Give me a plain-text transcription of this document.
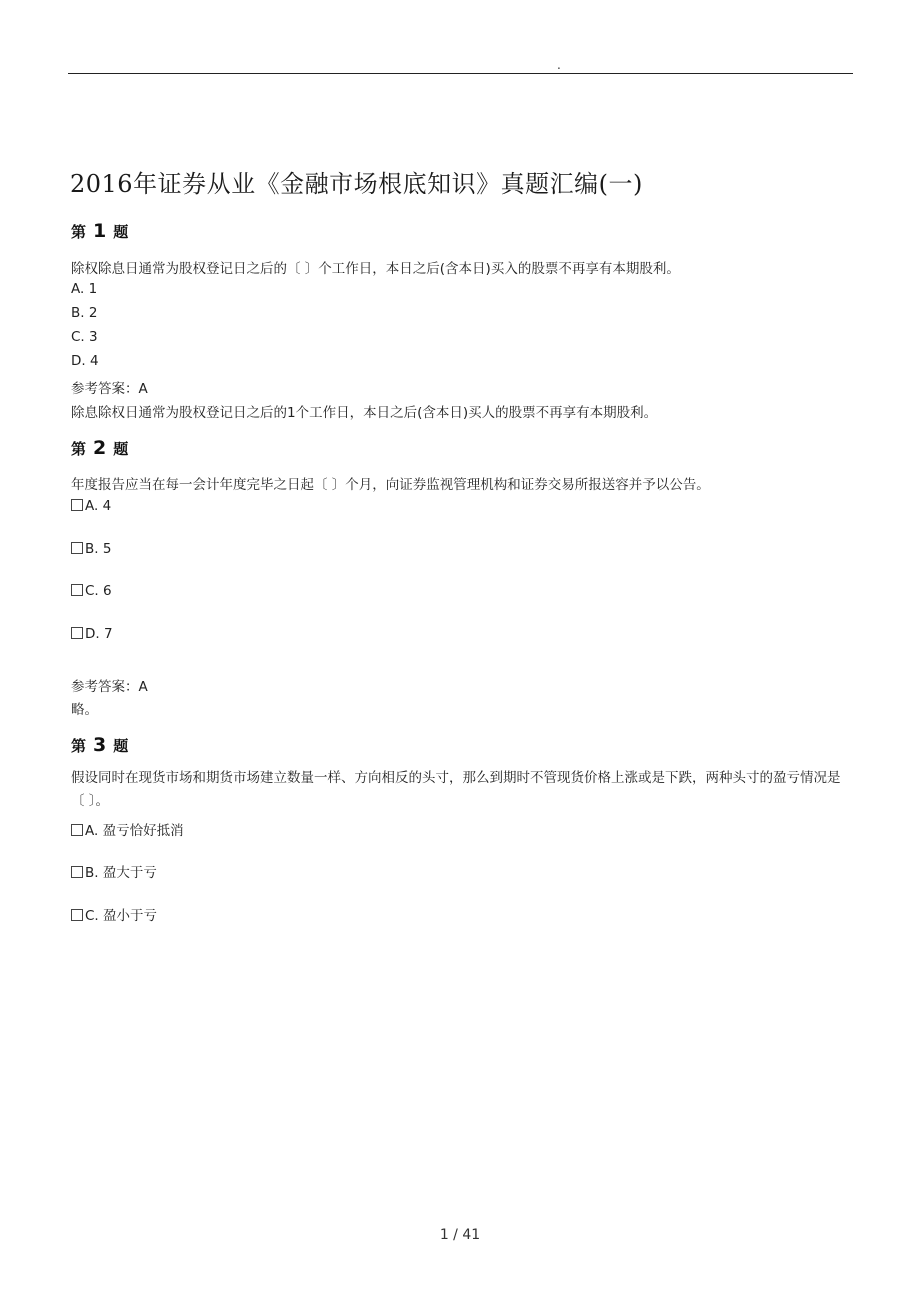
.
2016年证券从业《金融市场根底知识》真题汇编(一)
第 1 题
除权除息日通常为股权登记日之后的〔 〕个工作日，本日之后(含本日)买入的股票不再享有本期股利。
A. 1
B. 2
C. 3
D. 4
参考答案：A
除息除权日通常为股权登记日之后的1个工作日，本日之后(含本日)买人的股票不再享有本期股利。
第 2 题
年度报告应当在每一会计年度完毕之日起〔 〕个月，向证券监视管理机构和证券交易所报送容并予以公告。
A. 4
B. 5
C. 6
D. 7
参考答案：A
略。
第 3 题
假设同时在现货市场和期货市场建立数量一样、方向相反的头寸，那么到期时不管现货价格上涨或是下跌，两种头寸的盈亏情况是〔 〕。
A. 盈亏恰好抵消
B. 盈大于亏
C. 盈小于亏
1 / 41
